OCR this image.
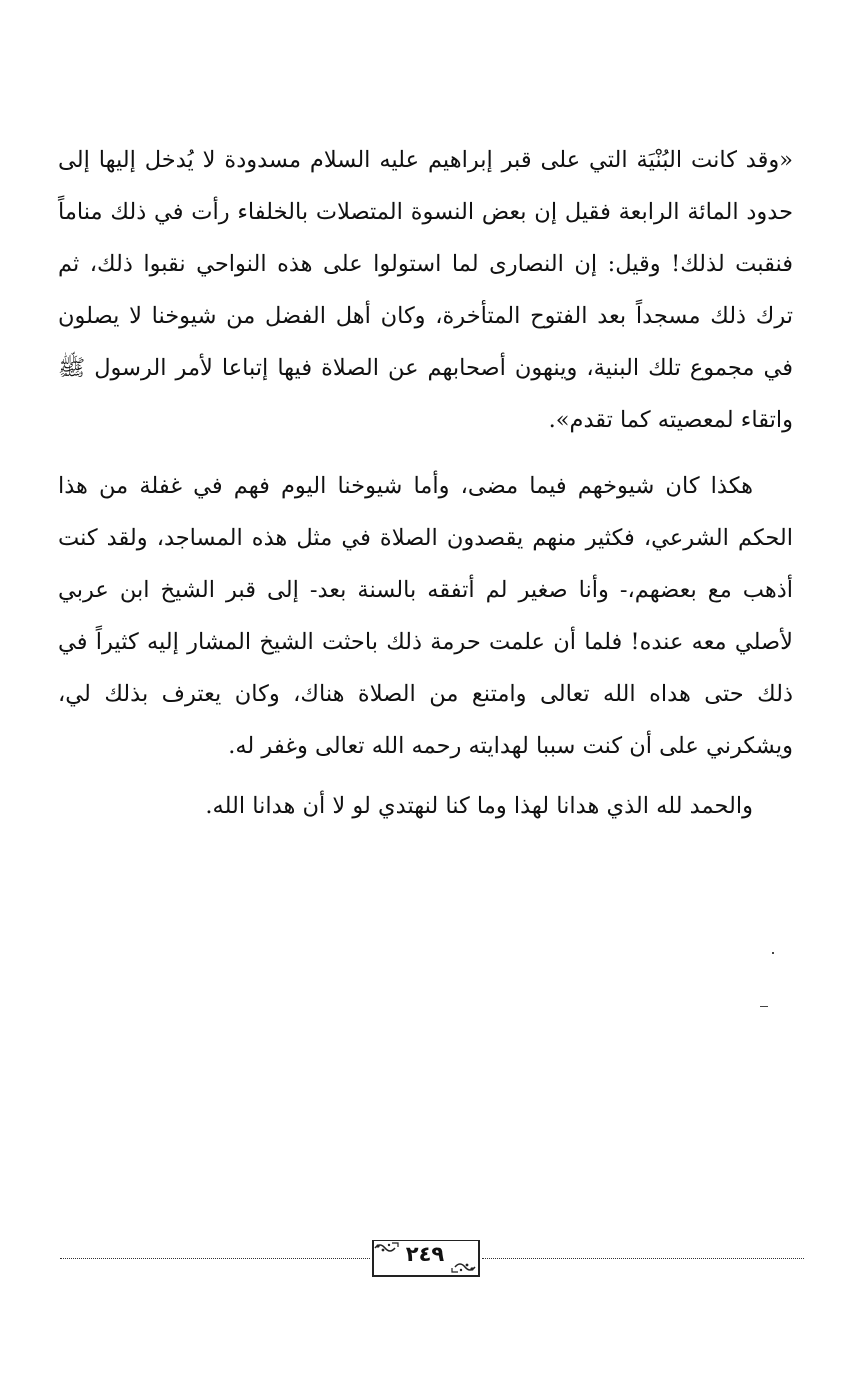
«وقد كانت البُنْيَة التي على قبر إبراهيم عليه السلام مسدودة لا يُدخل إليها إلى حدود المائة الرابعة فقيل إن بعض النسوة المتصلات بالخلفاء رأت في ذلك مناماً فنقبت لذلك! وقيل: إن النصارى لما استولوا على هذه النواحي نقبوا ذلك، ثم ترك ذلك مسجداً بعد الفتوح المتأخرة، وكان أهل الفضل من شيوخنا لا يصلون في مجموع تلك البنية، وينهون أصحابهم عن الصلاة فيها إتباعا لأمر الرسول ﷺ واتقاء لمعصيته كما تقدم».

هكذا كان شيوخهم فيما مضى، وأما شيوخنا اليوم فهم في غفلة من هذا الحكم الشرعي، فكثير منهم يقصدون الصلاة في مثل هذه المساجد، ولقد كنت أذهب مع بعضهم،- وأنا صغير لم أتفقه بالسنة بعد- إلى قبر الشيخ ابن عربي لأصلي معه عنده! فلما أن علمت حرمة ذلك باحثت الشيخ المشار إليه كثيراً في ذلك حتى هداه الله تعالى وامتنع من الصلاة هناك، وكان يعترف بذلك لي، ويشكرني على أن كنت سببا لهدايته رحمه الله تعالى وغفر له.

والحمد لله الذي هدانا لهذا وما كنا لنهتدي لو لا أن هدانا الله.

٢٤٩
